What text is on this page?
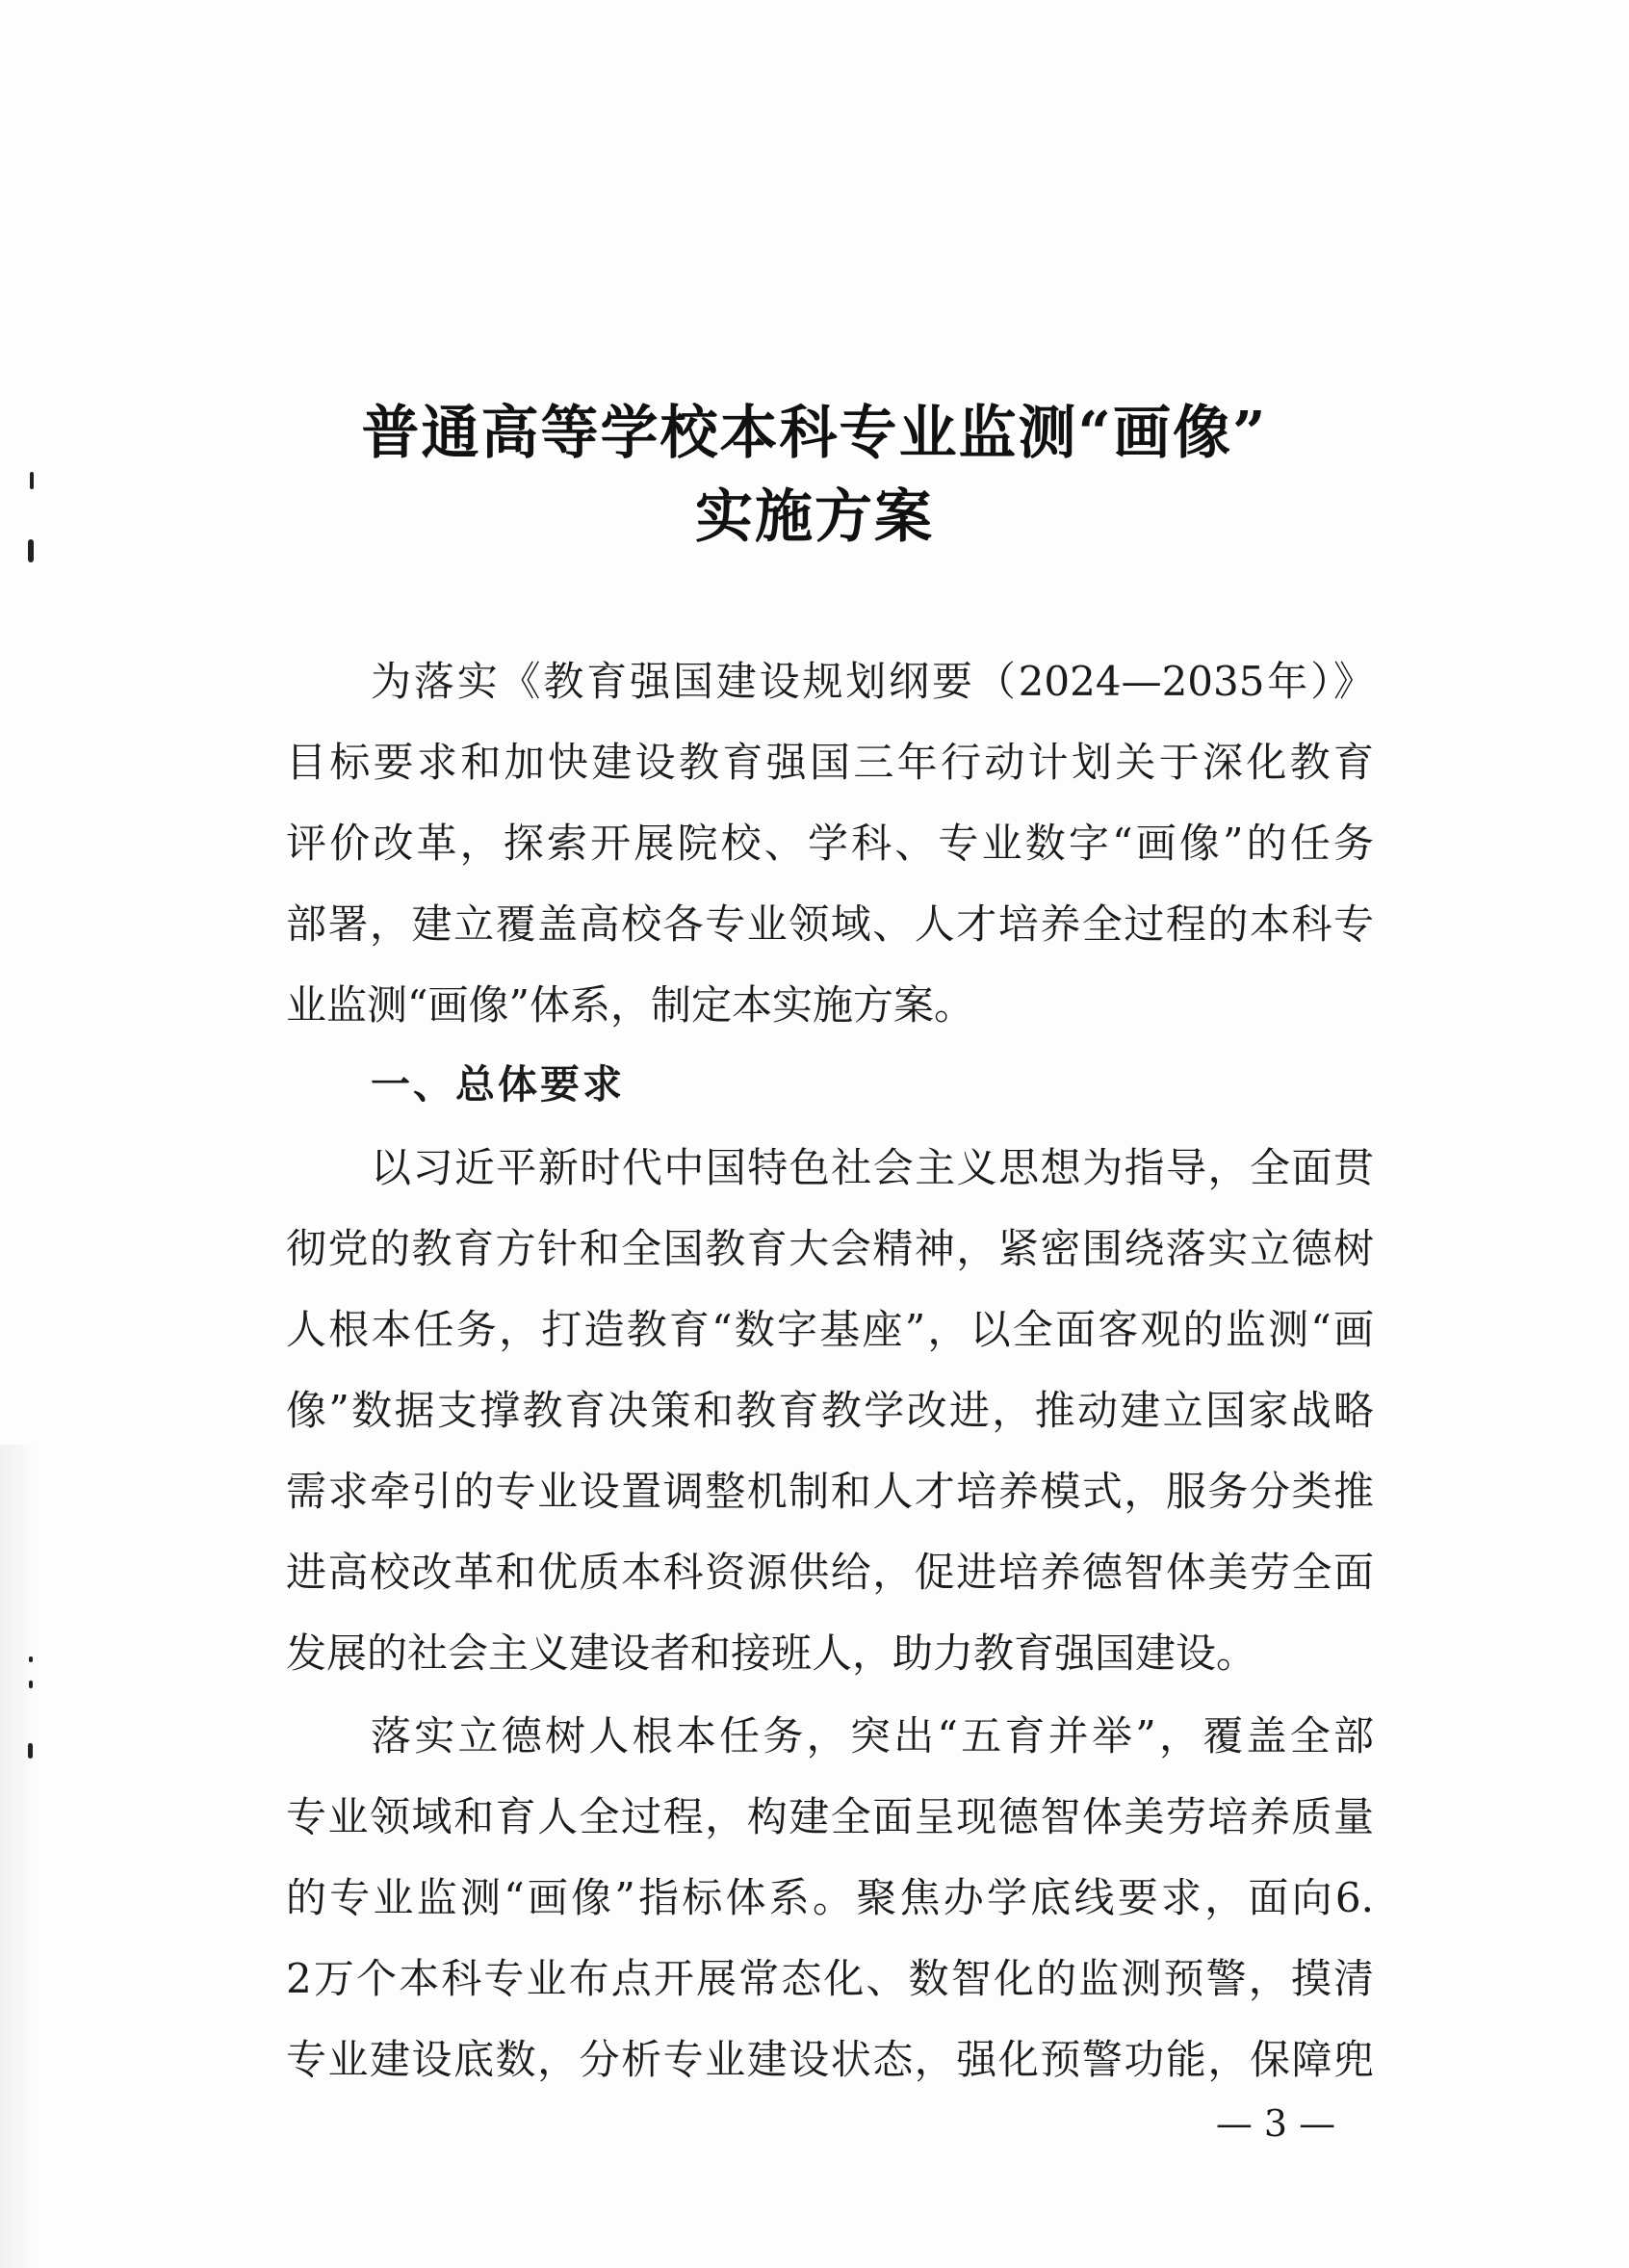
普通高等学校本科专业监测“画像”
实施方案
为落实《教育强国建设规划纲要（2024—2035年）》
目标要求和加快建设教育强国三年行动计划关于深化教育
评价改革，探索开展院校、学科、专业数字“画像”的任务
部署，建立覆盖高校各专业领域、人才培养全过程的本科专
业监测“画像”体系，制定本实施方案。
一、总体要求
以习近平新时代中国特色社会主义思想为指导，全面贯
彻党的教育方针和全国教育大会精神，紧密围绕落实立德树
人根本任务，打造教育“数字基座”，以全面客观的监测“画
像”数据支撑教育决策和教育教学改进，推动建立国家战略
需求牵引的专业设置调整机制和人才培养模式，服务分类推
进高校改革和优质本科资源供给，促进培养德智体美劳全面
发展的社会主义建设者和接班人，助力教育强国建设。
落实立德树人根本任务，突出“五育并举”，覆盖全部
专业领域和育人全过程，构建全面呈现德智体美劳培养质量
的专业监测“画像”指标体系。聚焦办学底线要求，面向6.
2万个本科专业布点开展常态化、数智化的监测预警，摸清
专业建设底数，分析专业建设状态，强化预警功能，保障兜
— 3 —
